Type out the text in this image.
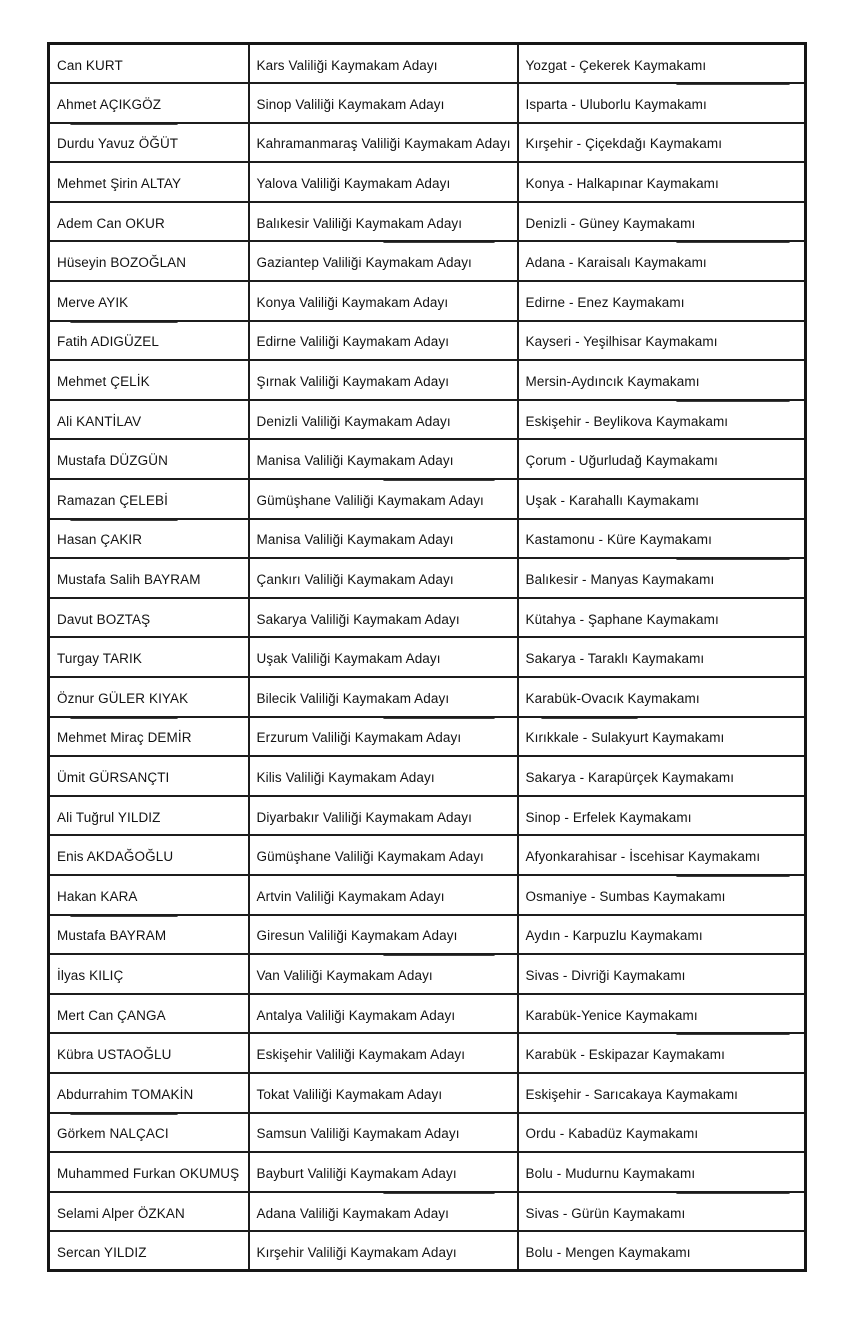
Can KURT	Kars Valiliği Kaymakam Adayı	Yozgat - Çekerek Kaymakamı
Ahmet AÇIKGÖZ	Sinop Valiliği Kaymakam Adayı	Isparta - Uluborlu Kaymakamı
Durdu Yavuz ÖĞÜT	Kahramanmaraş Valiliği Kaymakam Adayı	Kırşehir - Çiçekdağı Kaymakamı
Mehmet Şirin ALTAY	Yalova Valiliği Kaymakam Adayı	Konya - Halkapınar Kaymakamı
Adem Can OKUR	Balıkesir Valiliği Kaymakam Adayı	Denizli - Güney Kaymakamı
Hüseyin BOZOĞLAN	Gaziantep Valiliği Kaymakam Adayı	Adana - Karaisalı Kaymakamı
Merve AYIK	Konya Valiliği Kaymakam Adayı	Edirne - Enez Kaymakamı
Fatih ADIGÜZEL	Edirne Valiliği Kaymakam Adayı	Kayseri - Yeşilhisar Kaymakamı
Mehmet ÇELİK	Şırnak Valiliği Kaymakam Adayı	Mersin-Aydıncık Kaymakamı
Ali KANTİLAV	Denizli Valiliği Kaymakam Adayı	Eskişehir - Beylikova Kaymakamı
Mustafa DÜZGÜN	Manisa Valiliği Kaymakam Adayı	Çorum - Uğurludağ Kaymakamı
Ramazan ÇELEBİ	Gümüşhane Valiliği Kaymakam Adayı	Uşak - Karahallı Kaymakamı
Hasan ÇAKIR	Manisa Valiliği Kaymakam Adayı	Kastamonu - Küre Kaymakamı
Mustafa Salih BAYRAM	Çankırı Valiliği Kaymakam Adayı	Balıkesir - Manyas Kaymakamı
Davut BOZTAŞ	Sakarya Valiliği Kaymakam Adayı	Kütahya - Şaphane Kaymakamı
Turgay TARIK	Uşak Valiliği Kaymakam Adayı	Sakarya - Taraklı Kaymakamı
Öznur GÜLER KIYAK	Bilecik Valiliği Kaymakam Adayı	Karabük-Ovacık Kaymakamı
Mehmet Miraç DEMİR	Erzurum Valiliği Kaymakam Adayı	Kırıkkale - Sulakyurt Kaymakamı
Ümit GÜRSANÇTI	Kilis Valiliği Kaymakam Adayı	Sakarya - Karapürçek Kaymakamı
Ali Tuğrul YILDIZ	Diyarbakır Valiliği Kaymakam Adayı	Sinop - Erfelek Kaymakamı
Enis AKDAĞOĞLU	Gümüşhane Valiliği Kaymakam Adayı	Afyonkarahisar - İscehisar Kaymakamı
Hakan KARA	Artvin Valiliği Kaymakam Adayı	Osmaniye - Sumbas Kaymakamı
Mustafa BAYRAM	Giresun Valiliği Kaymakam Adayı	Aydın - Karpuzlu Kaymakamı
İlyas KILIÇ	Van Valiliği Kaymakam Adayı	Sivas - Divriği Kaymakamı
Mert Can ÇANGA	Antalya Valiliği Kaymakam Adayı	Karabük-Yenice Kaymakamı
Kübra USTAOĞLU	Eskişehir Valiliği Kaymakam Adayı	Karabük - Eskipazar Kaymakamı
Abdurrahim TOMAKİN	Tokat Valiliği Kaymakam Adayı	Eskişehir - Sarıcakaya Kaymakamı
Görkem NALÇACI	Samsun Valiliği Kaymakam Adayı	Ordu - Kabadüz Kaymakamı
Muhammed Furkan OKUMUŞ	Bayburt Valiliği Kaymakam Adayı	Bolu - Mudurnu Kaymakamı
Selami Alper ÖZKAN	Adana Valiliği Kaymakam Adayı	Sivas - Gürün Kaymakamı
Sercan YILDIZ	Kırşehir Valiliği Kaymakam Adayı	Bolu - Mengen Kaymakamı
